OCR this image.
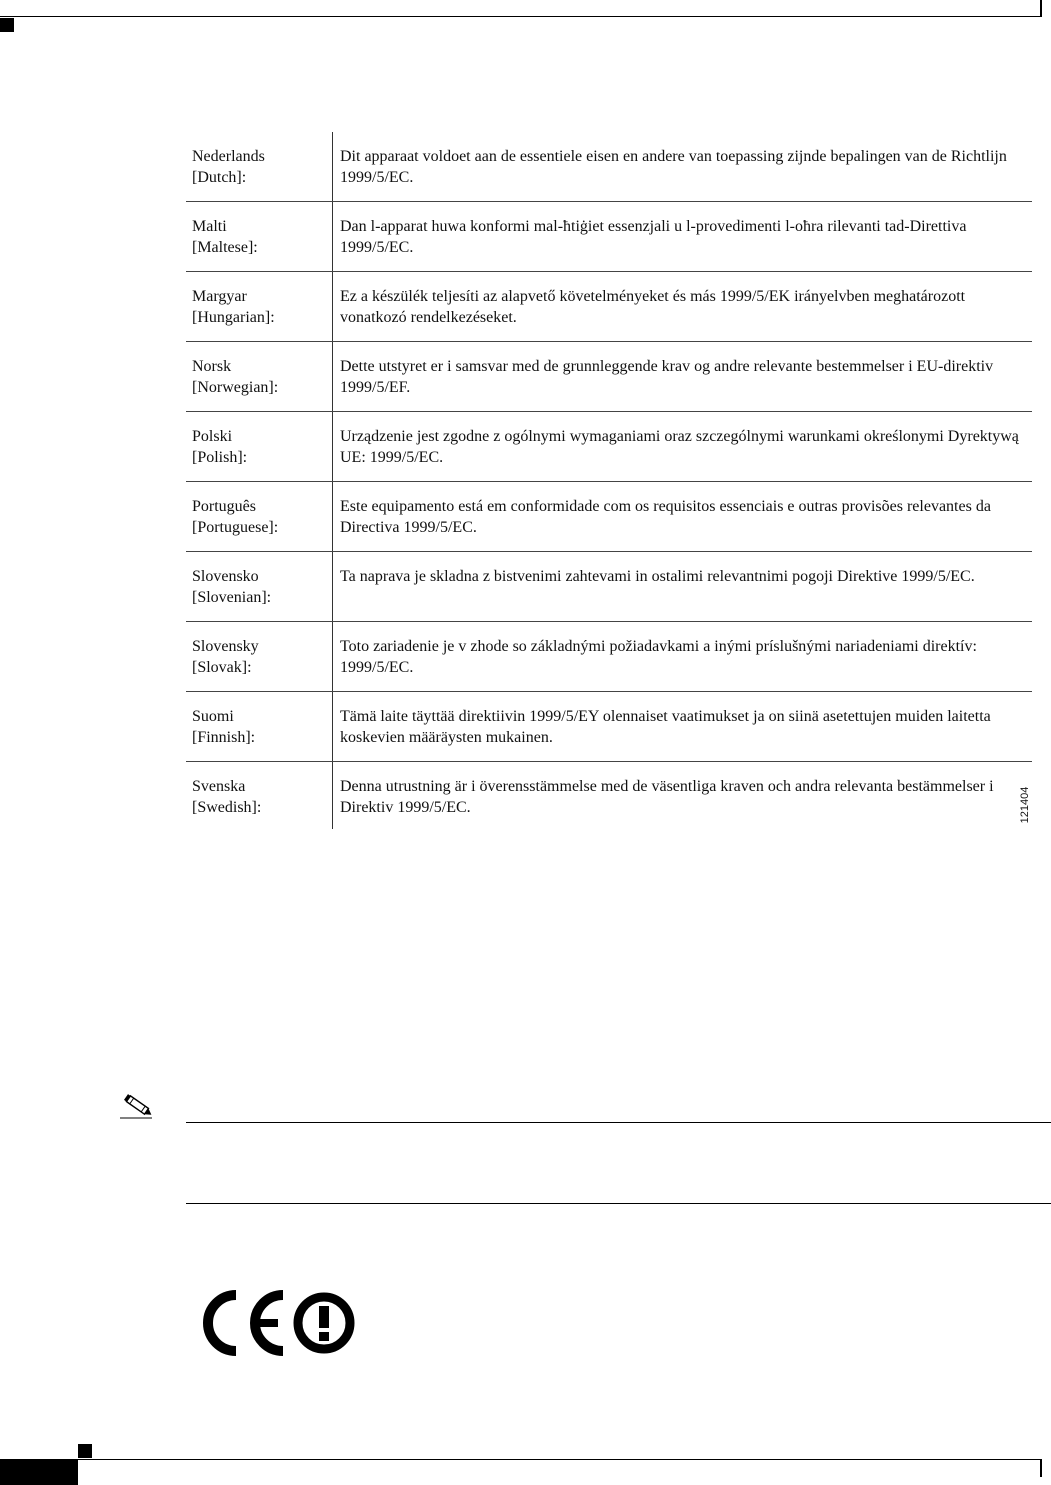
Nederlands
[Dutch]:
Dit apparaat voldoet aan de essentiele eisen en andere van toepassing zijnde bepalingen van de Richtlijn 1999/5/EC.
Malti
[Maltese]:
Dan l-apparat huwa konformi mal-ħtiġiet essenzjali u l-provedimenti l-oħra rilevanti tad-Direttiva 1999/5/EC.
Margyar
[Hungarian]:
Ez a készülék teljesíti az alapvető követelményeket és más 1999/5/EK irányelvben meghatározott vonatkozó rendelkezéseket.
Norsk
[Norwegian]:
Dette utstyret er i samsvar med de grunnleggende krav og andre relevante bestemmelser i EU-direktiv 1999/5/EF.
Polski
[Polish]:
Urządzenie jest zgodne z ogólnymi wymaganiami oraz szczególnymi warunkami określonymi Dyrektywą UE: 1999/5/EC.
Português
[Portuguese]:
Este equipamento está em conformidade com os requisitos essenciais e outras provisões relevantes da Directiva 1999/5/EC.
Slovensko
[Slovenian]:
Ta naprava je skladna z bistvenimi zahtevami in ostalimi relevantnimi pogoji Direktive 1999/5/EC.
Slovensky
[Slovak]:
Toto zariadenie je v zhode so základnými požiadavkami a inými príslušnými nariadeniami direktív: 1999/5/EC.
Suomi
[Finnish]:
Tämä laite täyttää direktiivin 1999/5/EY olennaiset vaatimukset ja on siinä asetettujen muiden laitetta koskevien määräysten mukainen.
Svenska
[Swedish]:
Denna utrustning är i överensstämmelse med de väsentliga kraven och andra relevanta bestämmelser i Direktiv 1999/5/EC.	121404
